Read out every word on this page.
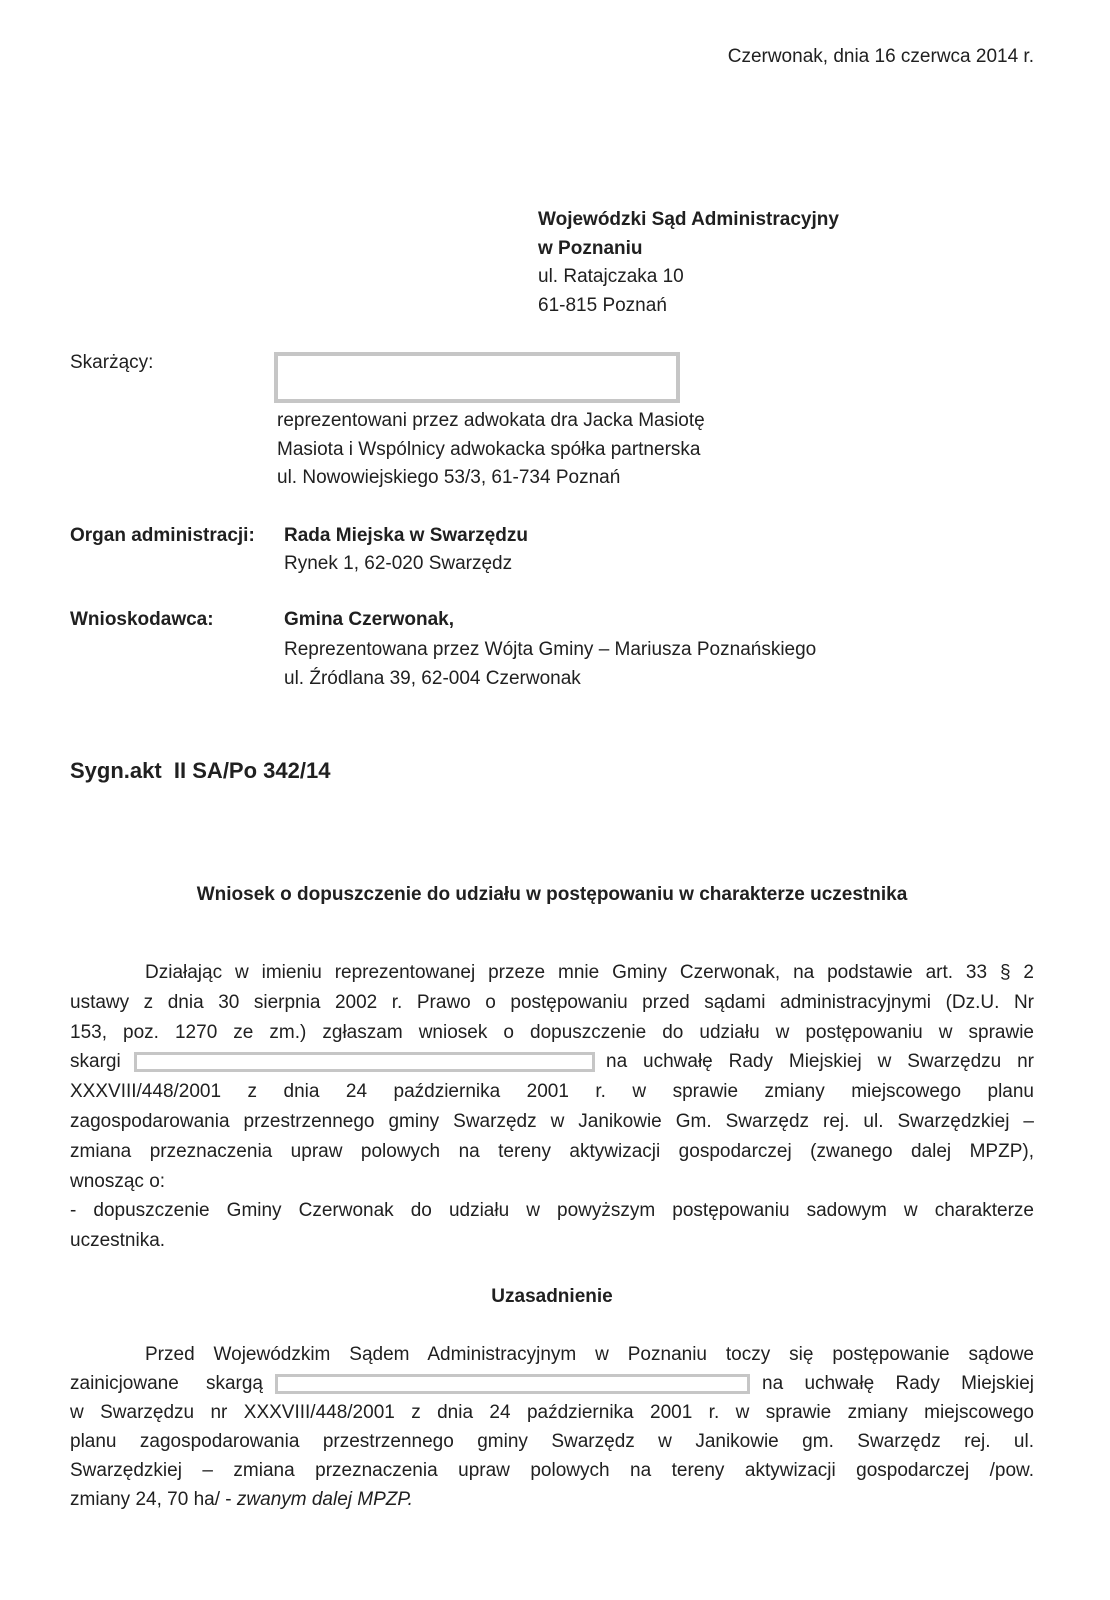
Czerwonak, dnia 16 czerwca 2014 r.
Wojewódzki Sąd Administracyjny
w Poznaniu
ul. Ratajczaka 10
61-815 Poznań
Skarżący:
reprezentowani przez adwokata dra Jacka Masiotę
Masiota i Wspólnicy adwokacka spółka partnerska
ul. Nowowiejskiego 53/3, 61-734 Poznań
Organ administracji: Rada Miejska w Swarzędzu
Rynek 1, 62-020 Swarzędz
Wnioskodawca:	Gmina Czerwonak,
Reprezentowana przez Wójta Gminy – Mariusza Poznańskiego
ul. Źródlana 39, 62-004 Czerwonak
Sygn.akt  II SA/Po 342/14
Wniosek o dopuszczenie do udziału w postępowaniu w charakterze uczestnika
Działając w imieniu reprezentowanej przeze mnie Gminy Czerwonak, na podstawie art. 33 § 2
ustawy z dnia 30 sierpnia 2002 r. Prawo o postępowaniu przed sądami administracyjnymi (Dz.U. Nr
153, poz. 1270 ze zm.) zgłaszam wniosek o dopuszczenie do udziału w postępowaniu w sprawie
skargi	na uchwałę Rady Miejskiej w Swarzędzu nr
XXXVIII/448/2001 z dnia 24 października 2001 r. w sprawie zmiany miejscowego planu
zagospodarowania przestrzennego gminy Swarzędz w Janikowie Gm. Swarzędz rej. ul. Swarzędzkiej –
zmiana przeznaczenia upraw polowych na tereny aktywizacji gospodarczej (zwanego dalej MPZP),
wnosząc o:
- dopuszczenie Gminy Czerwonak do udziału w powyższym postępowaniu sadowym w charakterze
uczestnika.
Uzasadnienie
Przed Wojewódzkim Sądem Administracyjnym w Poznaniu toczy się postępowanie sądowe
zainicjowane skargą	na uchwałę Rady Miejskiej
w Swarzędzu nr XXXVIII/448/2001 z dnia 24 października 2001 r. w sprawie zmiany miejscowego
planu zagospodarowania przestrzennego gminy Swarzędz w Janikowie gm. Swarzędz rej. ul.
Swarzędzkiej – zmiana przeznaczenia upraw polowych na tereny aktywizacji gospodarczej /pow.
zmiany 24, 70 ha/ - zwanym dalej MPZP.
